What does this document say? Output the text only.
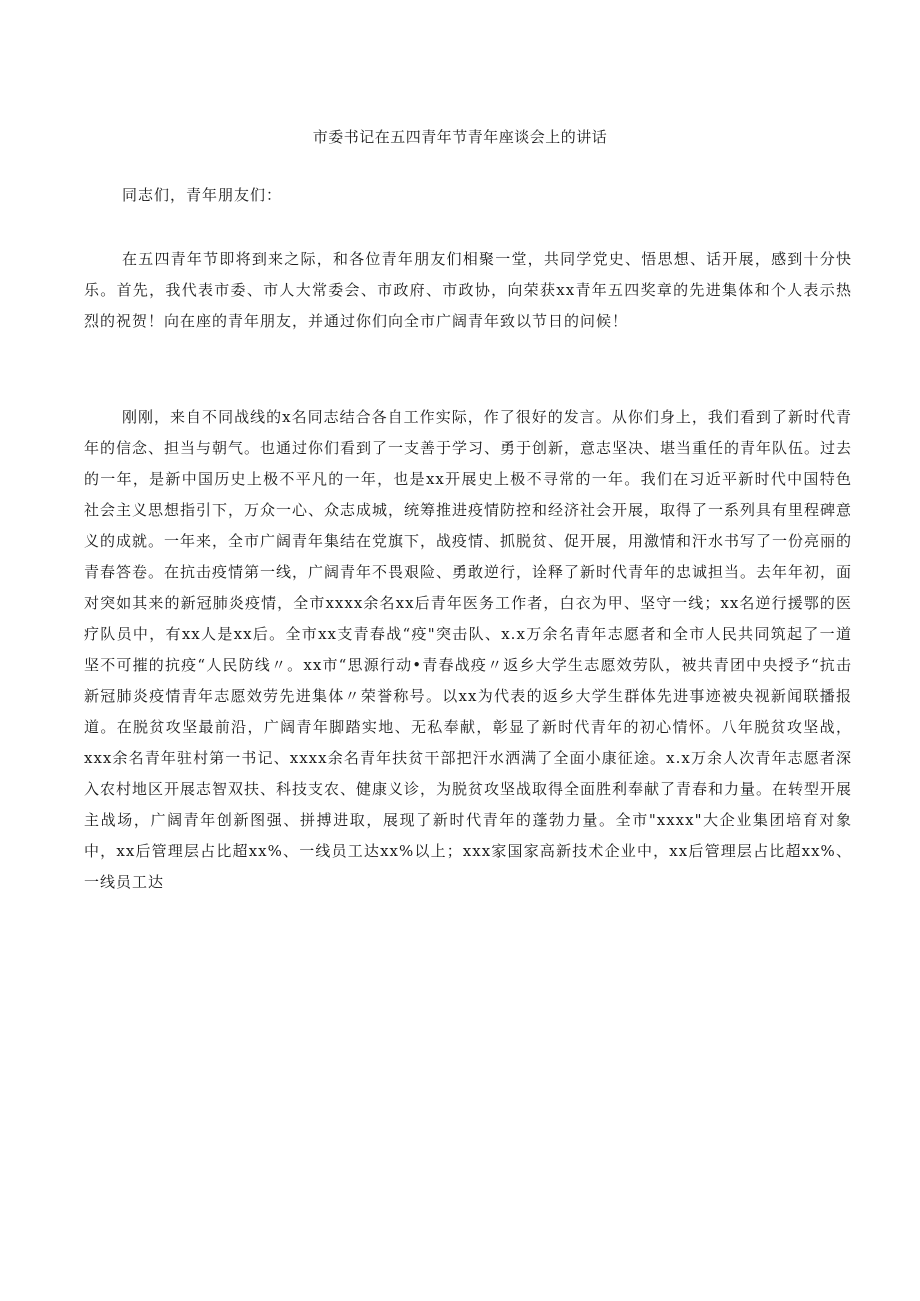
市委书记在五四青年节青年座谈会上的讲话
同志们，青年朋友们：

在五四青年节即将到来之际，和各位青年朋友们相聚一堂，共同学党史、悟思想、话开展，感到十分快乐。首先，我代表市委、市人大常委会、市政府、市政协，向荣获xx青年五四奖章的先进集体和个人表示热烈的祝贺！向在座的青年朋友，并通过你们向全市广阔青年致以节日的问候！

刚刚，来自不同战线的x名同志结合各自工作实际，作了很好的发言。从你们身上，我们看到了新时代青年的信念、担当与朝气。也通过你们看到了一支善于学习、勇于创新，意志坚决、堪当重任的青年队伍。过去的一年，是新中国历史上极不平凡的一年，也是xx开展史上极不寻常的一年。我们在习近平新时代中国特色社会主义思想指引下，万众一心、众志成城，统筹推进疫情防控和经济社会开展，取得了一系列具有里程碑意义的成就。一年来，全市广阔青年集结在党旗下，战疫情、抓脱贫、促开展，用激情和汗水书写了一份亮丽的青春答卷。在抗击疫情第一线，广阔青年不畏艰险、勇敢逆行，诠释了新时代青年的忠诚担当。去年年初，面对突如其来的新冠肺炎疫情，全市xxxx余名xx后青年医务工作者，白衣为甲、坚守一线；xx名逆行援鄂的医疗队员中，有xx人是xx后。全市xx支青春战“疫"突击队、x.x万余名青年志愿者和全市人民共同筑起了一道坚不可摧的抗疫“人民防线〃。xx市“思源行动•青春战疫〃返乡大学生志愿效劳队，被共青团中央授予“抗击新冠肺炎疫情青年志愿效劳先进集体〃荣誉称号。以xx为代表的返乡大学生群体先进事迹被央视新闻联播报道。在脱贫攻坚最前沿，广阔青年脚踏实地、无私奉献，彰显了新时代青年的初心情怀。八年脱贫攻坚战，xxx余名青年驻村第一书记、xxxx余名青年扶贫干部把汗水洒满了全面小康征途。x.x万余人次青年志愿者深入农村地区开展志智双扶、科技支农、健康义诊，为脱贫攻坚战取得全面胜利奉献了青春和力量。在转型开展主战场，广阔青年创新图强、拼搏进取，展现了新时代青年的蓬勃力量。全市"xxxx"大企业集团培育对象中，xx后管理层占比超xx%、一线员工达xx%以上；xxx家国家高新技术企业中，xx后管理层占比超xx%、一线员工达
